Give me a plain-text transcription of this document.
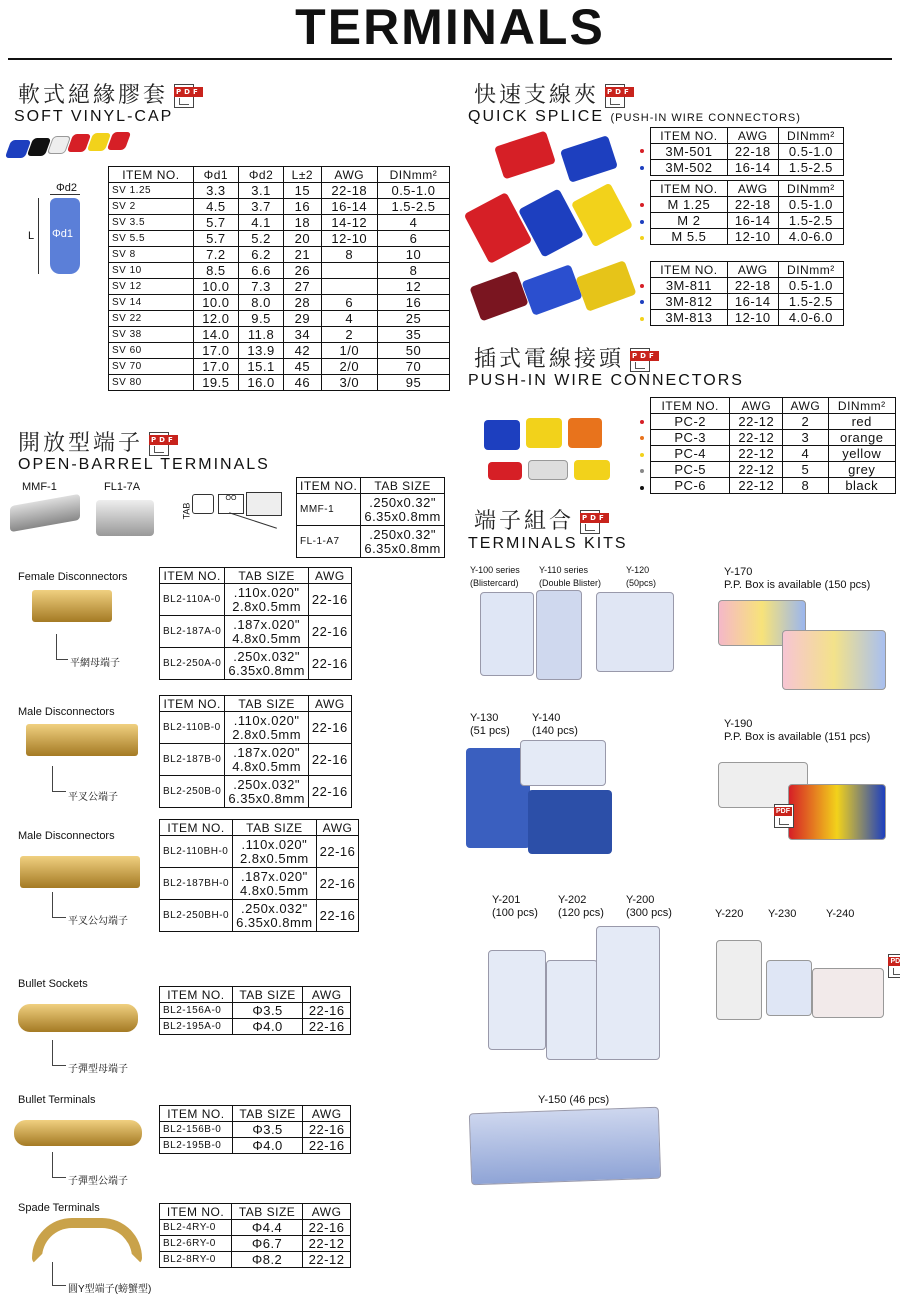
TERMINALS
軟式絕緣膠套PDF
SOFT VINYL-CAP
Φd2
Φd1
L
ITEM NO.	Φd1	Φd2	L±2	AWG	DINmm²
SV 1.25	3.3	3.1	15	22-18	0.5-1.0
SV 2	4.5	3.7	16	16-14	1.5-2.5
SV 3.5	5.7	4.1	18	14-12	4
SV 5.5	5.7	5.2	20	12-10	6
SV 8	7.2	6.2	21	8	10
SV 10	8.5	6.6	26		8
SV 12	10.0	7.3	27		12
SV 14	10.0	8.0	28	6	16
SV 22	12.0	9.5	29	4	25
SV 38	14.0	11.8	34	2	35
SV 60	17.0	13.9	42	1/0	50
SV 70	17.0	15.1	45	2/0	70
SV 80	19.5	16.0	46	3/0	95
開放型端子PDF
OPEN-BARREL TERMINALS
MMF-1	FL1-7A
TAB
OO
ITEM NO.	TAB SIZE
MMF-1	.250x0.32"
6.35x0.8mm

FL-1-A7	.250x0.32"
6.35x0.8mm
Female Disconnectors
平網母端子
ITEM NO.	TAB SIZE	AWG
BL2-110A-0	.110x.020"
2.8x0.5mm	22-16
BL2-187A-0	.187x.020"
4.8x0.5mm	22-16
BL2-250A-0	.250x.032"
6.35x0.8mm	22-16
Male Disconnectors
平叉公端子
ITEM NO.	TAB SIZE	AWG
BL2-110B-0	.110x.020"
2.8x0.5mm	22-16
BL2-187B-0	.187x.020"
4.8x0.5mm	22-16
BL2-250B-0	.250x.032"
6.35x0.8mm	22-16
Male Disconnectors
平叉公勾端子
ITEM NO.	TAB SIZE	AWG
BL2-110BH-0	.110x.020"
2.8x0.5mm	22-16
BL2-187BH-0	.187x.020"
4.8x0.5mm	22-16
BL2-250BH-0	.250x.032"
6.35x0.8mm	22-16
Bullet Sockets
子彈型母端子
ITEM NO.	TAB SIZE	AWG
BL2-156A-0	Φ3.5	22-16
BL2-195A-0	Φ4.0	22-16
Bullet Terminals
子彈型公端子
ITEM NO.	TAB SIZE	AWG
BL2-156B-0	Φ3.5	22-16
BL2-195B-0	Φ4.0	22-16
Spade Terminals
圓Y型端子(螃蟹型)
ITEM NO.	TAB SIZE	AWG
BL2-4RY-0	Φ4.4	22-16
BL2-6RY-0	Φ6.7	22-12
BL2-8RY-0	Φ8.2	22-12
快速支線夾PDF
QUICK SPLICE (PUSH-IN WIRE CONNECTORS)
ITEM NO.	AWG	DINmm²
3M-501	22-18	0.5-1.0
3M-502	16-14	1.5-2.5
ITEM NO.	AWG	DINmm²
M 1.25	22-18	0.5-1.0
M 2	16-14	1.5-2.5
M 5.5	12-10	4.0-6.0
ITEM NO.	AWG	DINmm²
3M-811	22-18	0.5-1.0
3M-812	16-14	1.5-2.5
3M-813	12-10	4.0-6.0
插式電線接頭PDF
PUSH-IN WIRE CONNECTORS
ITEM NO.	AWG	AWG	DINmm²
PC-2	22-12	2	red
PC-3	22-12	3	orange
PC-4	22-12	4	yellow
PC-5	22-12	5	grey
PC-6	22-12	8	black
端子組合PDF
TERMINALS KITS
Y-100 series
(Blistercard)
Y-110 series
(Double Blister)
Y-120
(50pcs)
Y-170
P.P. Box is available (150 pcs)
Y-130
(51 pcs)
Y-140
(140 pcs)
Y-190
P.P. Box is available (151 pcs)
PDF
Y-201
(100 pcs)
Y-202
(120 pcs)
Y-200
(300 pcs)	Y-220 Y-230	Y-240
PDF
Y-150 (46 pcs)
